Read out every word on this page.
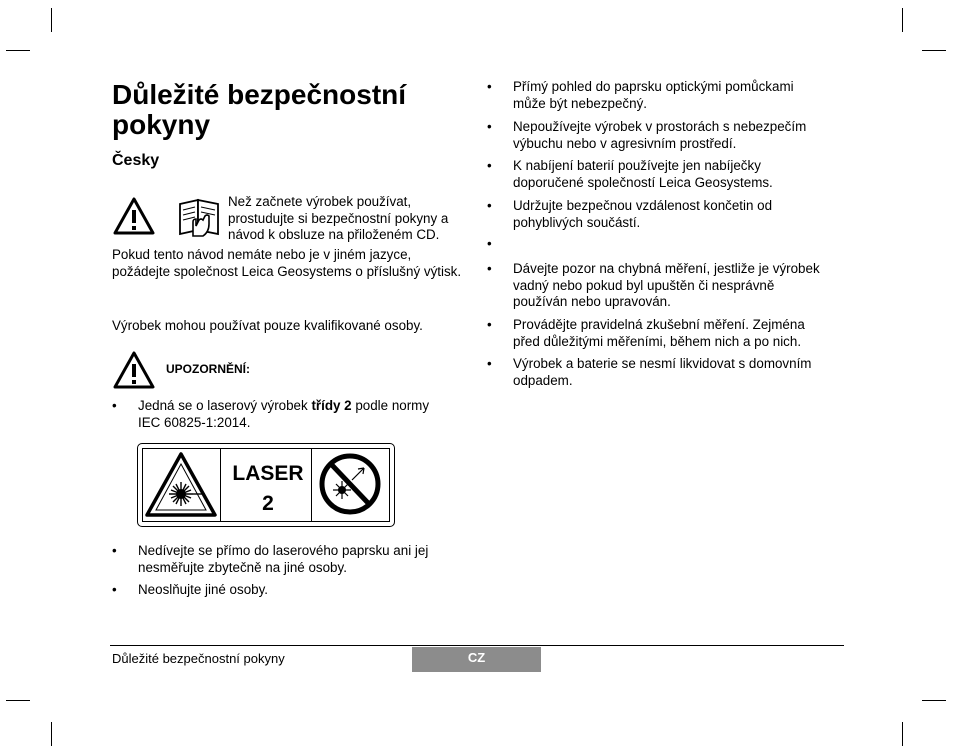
Důležité bezpečnostní pokyny
Česky
Než začnete výrobek používat, prostudujte si bezpečnostní pokyny a návod k obsluze na přiloženém CD.
Pokud tento návod nemáte nebo je v jiném jazyce, požádejte společnost Leica Geosystems o příslušný výtisk.
Výrobek mohou používat pouze kvalifikované osoby.
UPOZORNĚNÍ:
• Jedná se o laserový výrobek třídy 2 podle normy
IEC 60825-1:2014.
LASER
2
• Nedívejte se přímo do laserového paprsku ani jej
nesměřujte zbytečně na jiné osoby.
• Neoslňujte jiné osoby.
• Přímý pohled do paprsku optickými pomůckami
může být nebezpečný.
• Nepoužívejte výrobek v prostorách s nebezpečím
výbuchu nebo v agresivním prostředí.
• K nabíjení baterií používejte jen nabíječky
doporučené společností Leica Geosystems.
• Udržujte bezpečnou vzdálenost končetin od
pohyblivých součástí.
•
• Dávejte pozor na chybná měření, jestliže je výrobek
vadný nebo pokud byl upuštěn či nesprávně
používán nebo upravován.
• Provádějte pravidelná zkušební měření. Zejména
před důležitými měřeními, během nich a po nich.
• Výrobek a baterie se nesmí likvidovat s domovním
odpadem.
Důležité bezpečnostní pokyny	CZ
